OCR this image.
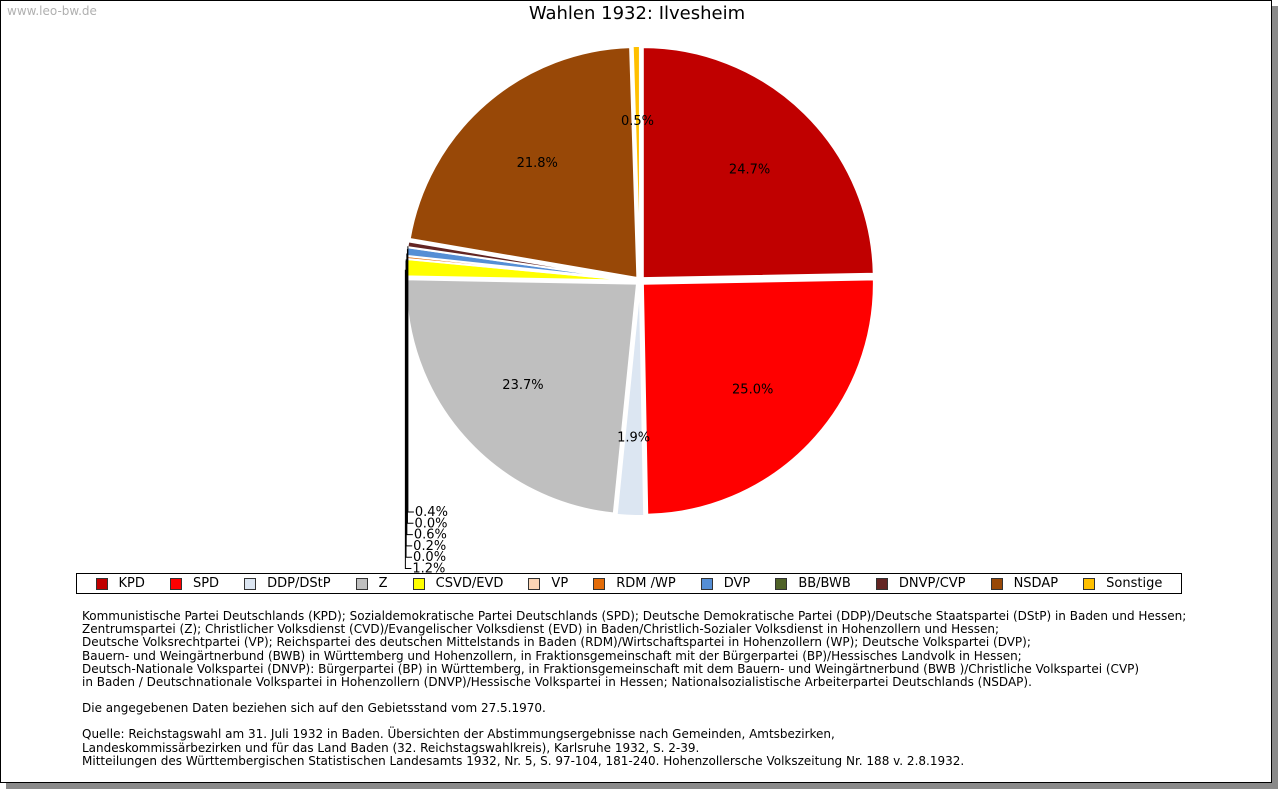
www.leo-bw.de	Wahlen 1932: Ilvesheim
24.7%
25.0%
1.9%
23.7%
21.8%
0.5%
0.4%
0.0%
0.6%
0.2%
0.0%
1.2%
KPD	SPD	DDP/DStP	Z	CSVD/EVD	VP	RDM /WP	DVP	BB/BWB	DNVP/CVP	NSDAP	Sonstige
Kommunistische Partei Deutschlands (KPD); Sozialdemokratische Partei Deutschlands (SPD); Deutsche Demokratische Partei (DDP)/Deutsche Staatspartei (DStP) in Baden und Hessen;
Zentrumspartei (Z); Christlicher Volksdienst (CVD)/Evangelischer Volksdienst (EVD) in Baden/Christlich-Sozialer Volksdienst in Hohenzollern und Hessen;
Deutsche Volksrechtpartei (VP); Reichspartei des deutschen Mittelstands in Baden (RDM)/Wirtschaftspartei in Hohenzollern (WP); Deutsche Volkspartei (DVP);
Bauern- und Weingärtnerbund (BWB) in Württemberg und Hohenzollern, in Fraktionsgemeinschaft mit der Bürgerpartei (BP)/Hessisches Landvolk in Hessen;
Deutsch-Nationale Volkspartei (DNVP): Bürgerpartei (BP) in Württemberg, in Fraktionsgemeinschaft mit dem Bauern- und Weingärtnerbund (BWB )/Christliche Volkspartei (CVP)
in Baden / Deutschnationale Volkspartei in Hohenzollern (DNVP)/Hessische Volkspartei in Hessen; Nationalsozialistische Arbeiterpartei Deutschlands (NSDAP).
Die angegebenen Daten beziehen sich auf den Gebietsstand vom 27.5.1970.
Quelle: Reichstagswahl am 31. Juli 1932 in Baden. Übersichten der Abstimmungsergebnisse nach Gemeinden, Amtsbezirken,
Landeskommissärbezirken und für das Land Baden (32. Reichstagswahlkreis), Karlsruhe 1932, S. 2-39.
Mitteilungen des Württembergischen Statistischen Landesamts 1932, Nr. 5, S. 97-104, 181-240. Hohenzollersche Volkszeitung Nr. 188 v. 2.8.1932.
